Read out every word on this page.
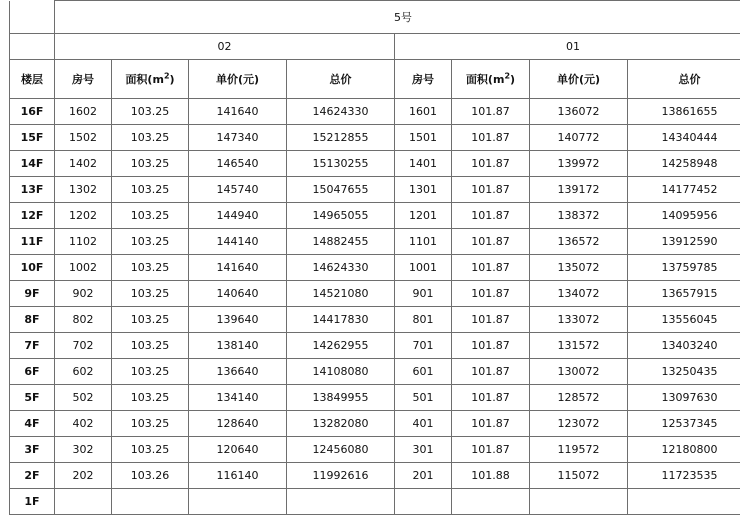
	5号							
	02				01			
楼层	房号	面积$(m^2)$	单价(元)	总价	房号	面积$(m^2)$	单价(元)	总价
16F	1602	103.25	141640	14624330	1601	101.87	136072	13861655
15F	1502	103.25	147340	15212855	1501	101.87	140772	14340444
14F	1402	103.25	146540	15130255	1401	101.87	139972	14258948
13F	1302	103.25	145740	15047655	1301	101.87	139172	14177452
12F	1202	103.25	144940	14965055	1201	101.87	138372	14095956
11F	1102	103.25	144140	14882455	1101	101.87	136572	13912590
10F	1002	103.25	141640	14624330	1001	101.87	135072	13759785
9F	902	103.25	140640	14521080	901	101.87	134072	13657915
8F	802	103.25	139640	14417830	801	101.87	133072	13556045
7F	702	103.25	138140	14262955	701	101.87	131572	13403240
6F	602	103.25	136640	14108080	601	101.87	130072	13250435
5F	502	103.25	134140	13849955	501	101.87	128572	13097630
4F	402	103.25	128640	13282080	401	101.87	123072	12537345
3F	302	103.25	120640	12456080	301	101.87	119572	12180800
2F	202	103.26	116140	11992616	201	101.88	115072	11723535
1F								
